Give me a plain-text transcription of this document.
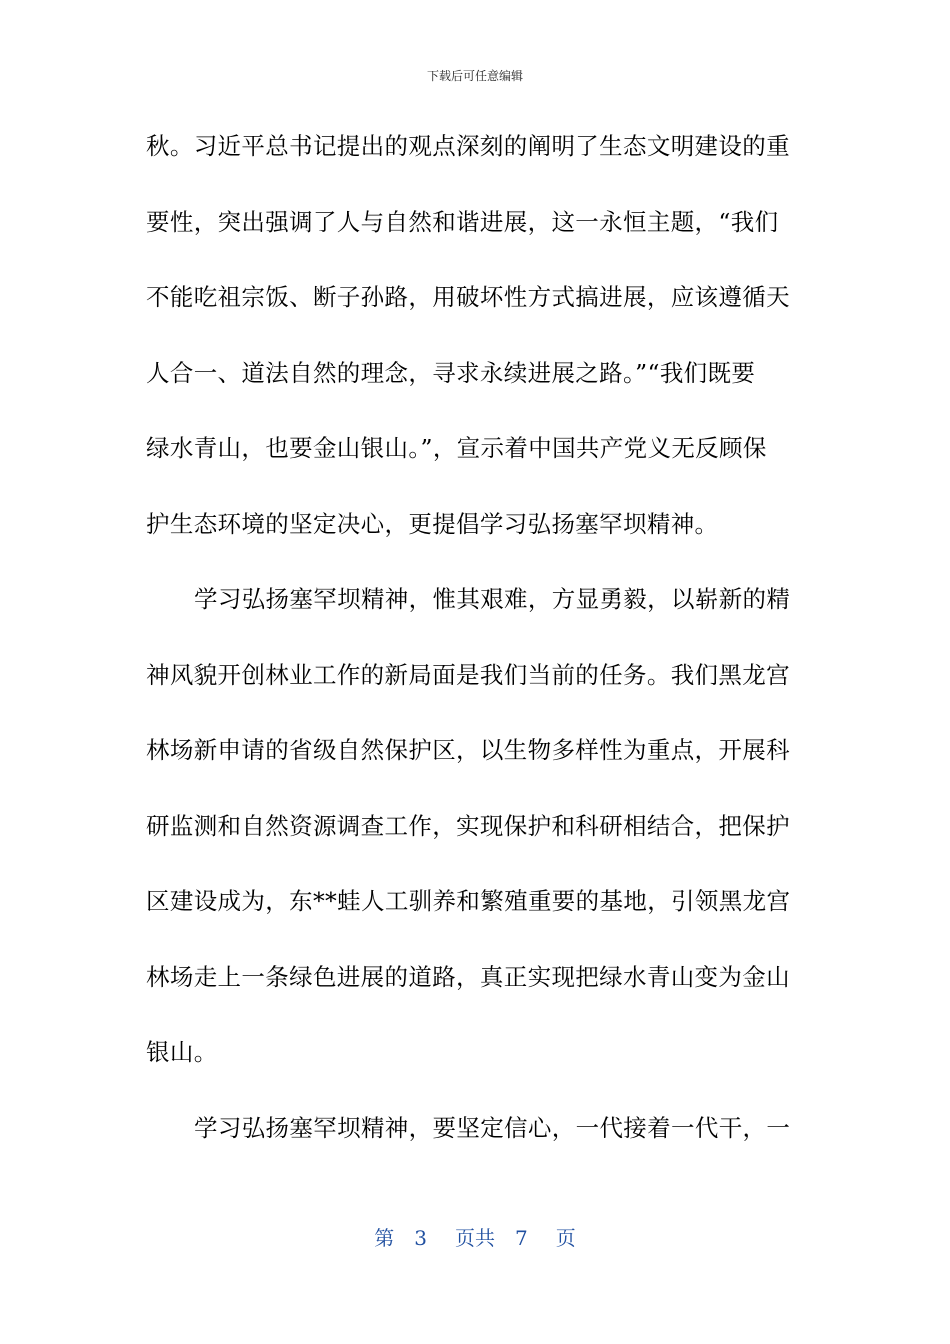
下载后可任意编辑
秋。习近平总书记提出的观点深刻的阐明了生态文明建设的重
要性，突出强调了人与自然和谐进展，这一永恒主题，“我们
不能吃祖宗饭、断子孙路，用破坏性方式搞进展，应该遵循天
人合一、道法自然的理念，寻求永续进展之路。”“我们既要
绿水青山，也要金山银山。”，宣示着中国共产党义无反顾保
护生态环境的坚定决心，更提倡学习弘扬塞罕坝精神。
学习弘扬塞罕坝精神，惟其艰难，方显勇毅，以崭新的精
神风貌开创林业工作的新局面是我们当前的任务。我们黑龙宫
林场新申请的省级自然保护区，以生物多样性为重点，开展科
研监测和自然资源调查工作，实现保护和科研相结合，把保护
区建设成为，东**蛙人工驯养和繁殖重要的基地，引领黑龙宫
林场走上一条绿色进展的道路，真正实现把绿水青山变为金山
银山。
学习弘扬塞罕坝精神，要坚定信心，一代接着一代干，一
第 3 页共 7 页
